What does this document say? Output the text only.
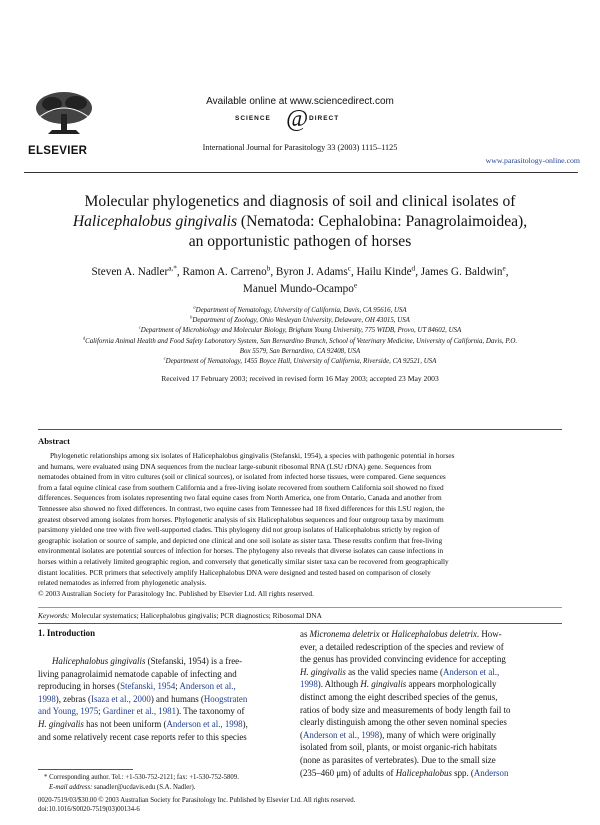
ELSEVIER
Available online at www.sciencedirect.com
SCIENCE @ DIRECT
International Journal for Parasitology 33 (2003) 1115–1125
www.parasitology-online.com
Molecular phylogenetics and diagnosis of soil and clinical isolates of
Halicephalobus gingivalis (Nematoda: Cephalobina: Panagrolaimoidea),
an opportunistic pathogen of horses
Steven A. Nadler$^{a,*}$, Ramon A. Carreno$^b$, Byron J. Adams$^c$, Hailu Kinde$^d$, James G. Baldwin$^e$,
Manuel Mundo-Ocampo$^e$
$^a$Department of Nematology, University of California, Davis, CA 95616, USA
$^b$Department of Zoology, Ohio Wesleyan University, Delaware, OH 43015, USA
$^c$Department of Microbiology and Molecular Biology, Brigham Young University, 775 WIDB, Provo, UT 84602, USA
$^d$California Animal Health and Food Safety Laboratory System, San Bernardino Branch, School of Veterinary Medicine, University of California, Davis, P.O.
Box 5579, San Bernardino, CA 92408, USA
$^e$Department of Nematology, 1455 Boyce Hall, University of California, Riverside, CA 92521, USA
Received 17 February 2003; received in revised form 16 May 2003; accepted 23 May 2003
Abstract
Phylogenetic relationships among six isolates of Halicephalobus gingivalis (Stefanski, 1954), a species with pathogenic potential in horses
and humans, were evaluated using DNA sequences from the nuclear large-subunit ribosomal RNA (LSU rDNA) gene. Sequences from
nematodes obtained from in vitro cultures (soil or clinical sources), or isolated from infected horse tissues, were compared. Gene sequences
from a fatal equine clinical case from southern California and a free-living isolate recovered from southern California soil showed no fixed
differences. Sequences from isolates representing two fatal equine cases from North America, one from Ontario, Canada and another from
Tennessee also showed no fixed differences. In contrast, two equine cases from Tennessee had 18 fixed differences for this LSU region, the
greatest observed among isolates from horses. Phylogenetic analysis of six Halicephalobus sequences and four outgroup taxa by maximum
parsimony yielded one tree with five well-supported clades. This phylogeny did not group isolates of Halicephalobus strictly by region of
geographic isolation or source of sample, and depicted one clinical and one soil isolate as sister taxa. These results confirm that free-living
environmental isolates are potential sources of infection for horses. The phylogeny also reveals that diverse isolates can cause infections in
horses within a relatively limited geographic region, and conversely that genetically similar sister taxa can be recovered from geographically
distant localities. PCR primers that selectively amplify Halicephalobus DNA were designed and tested based on comparison of closely
related nematodes as inferred from phylogenetic analysis.
© 2003 Australian Society for Parasitology Inc. Published by Elsevier Ltd. All rights reserved.
Keywords: Molecular systematics; Halicephalobus gingivalis; PCR diagnostics; Ribosomal DNA
1. Introduction
Halicephalobus gingivalis (Stefanski, 1954) is a free-
living panagrolaimid nematode capable of infecting and
reproducing in horses (Stefanski, 1954; Anderson et al.,
1998), zebras (Isaza et al., 2000) and humans (Hoogstraten
and Young, 1975; Gardiner et al., 1981). The taxonomy of
H. gingivalis has not been uniform (Anderson et al., 1998),
and some relatively recent case reports refer to this species
* Corresponding author. Tel.: +1-530-752-2121; fax: +1-530-752-5809.
E-mail address: sanadler@ucdavis.edu (S.A. Nadler).
as Micronema deletrix or Halicephalobus deletrix. How-
ever, a detailed redescription of the species and review of
the genus has provided convincing evidence for accepting
H. gingivalis as the valid species name (Anderson et al.,
1998). Although H. gingivalis appears morphologically
distinct among the eight described species of the genus,
ratios of body size and measurements of body length fail to
clearly distinguish among the other seven nominal species
(Anderson et al., 1998), many of which were originally
isolated from soil, plants, or moist organic-rich habitats
(none as parasites of vertebrates). Due to the small size
(235–460 μm) of adults of Halicephalobus spp. (Anderson
0020-7519/03/$30.00 © 2003 Australian Society for Parasitology Inc. Published by Elsevier Ltd. All rights reserved.
doi:10.1016/S0020-7519(03)00134-6
